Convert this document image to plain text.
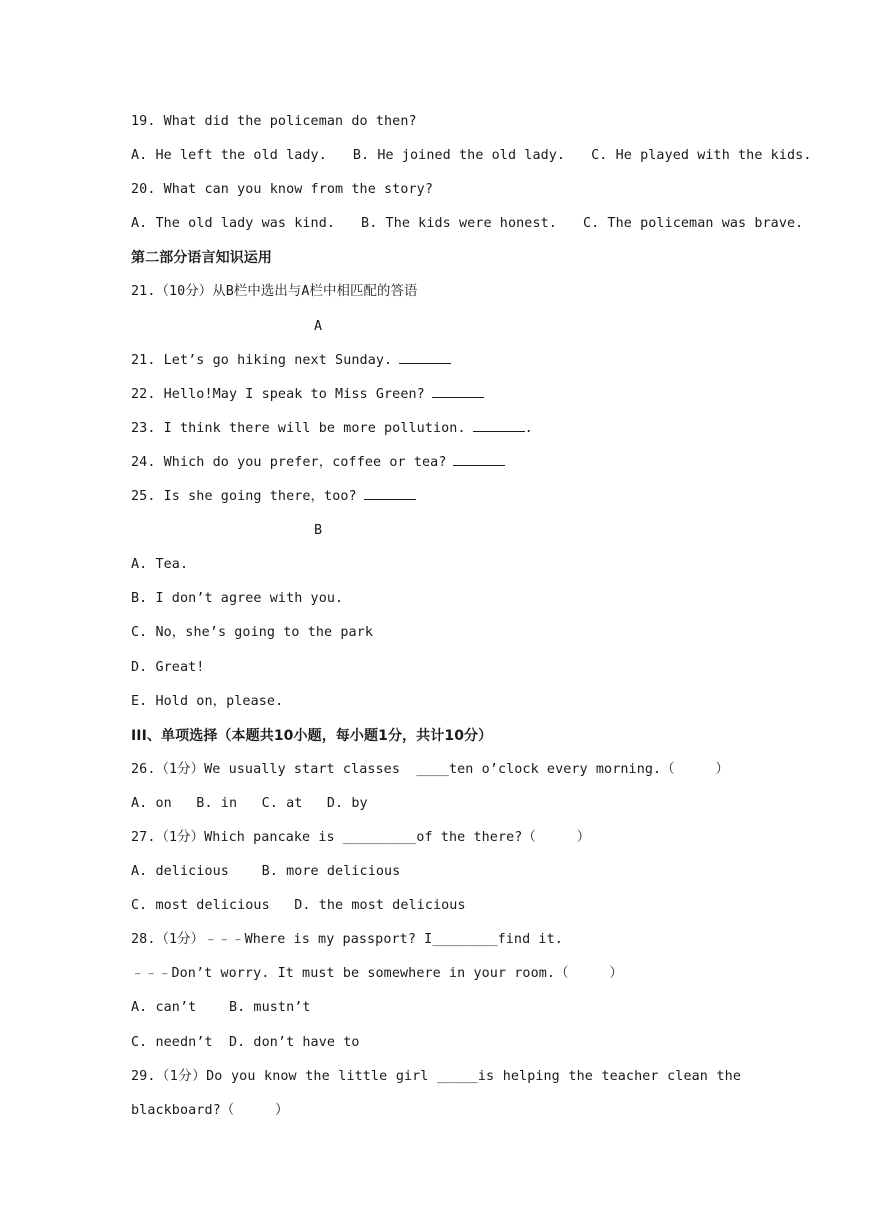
19. What did the policeman do then?
A. He left the old lady. B. He joined the old lady. C. He played with the kids.
20. What can you know from the story?
A. The old lady was kind. B. The kids were honest. C. The policeman was brave.
第二部分语言知识运用
21.（10分）从B栏中选出与A栏中相匹配的答语
A
21. Let’s go hiking next Sunday.
22. Hello!May I speak to Miss Green?
23. I think there will be more pollution.	.
24. Which do you prefer，coffee or tea?
25. Is she going there，too?
B
A. Tea.
B. I don’t agree with you.
C. No，she’s going to the park
D. Great!
E. Hold on，please.
III、单项选择（本题共10小题，每小题1分，共计10分）
26.（1分）We usually start classes  ____ten o’clock every morning.（     ）
A. on   B. in   C. at   D. by
27.（1分）Which pancake is _________of the there?（     ）
A. delicious    B. more delicious
C. most delicious   D. the most delicious
28.（1分）﹣﹣﹣Where is my passport? I________find it.
﹣﹣﹣Don’t worry. It must be somewhere in your room.（     ）
A. can’t    B. mustn’t
C. needn’t  D. don’t have to
29.（1分）Do you know the little girl _____is helping the teacher clean the
blackboard?（     ）
